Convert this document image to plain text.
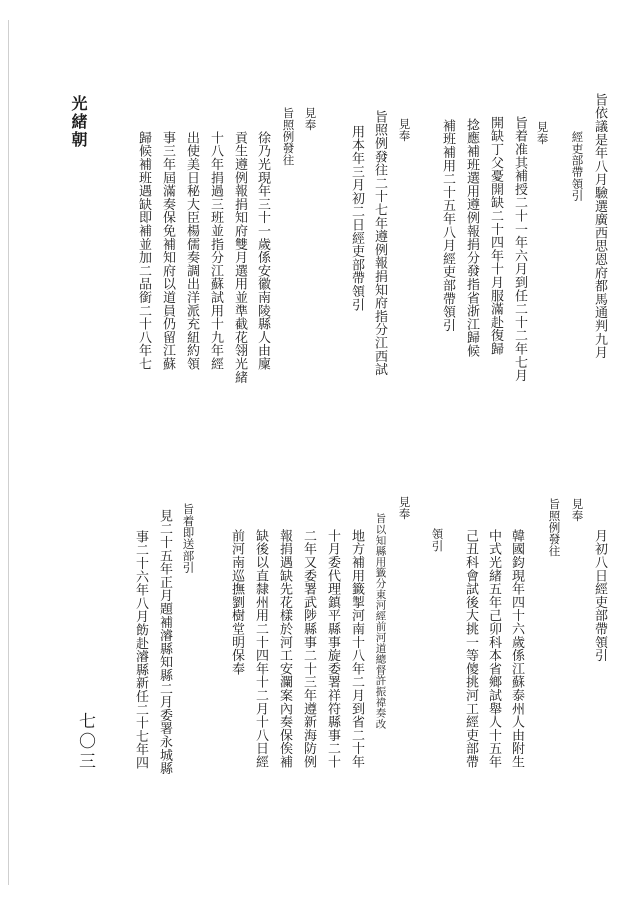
光緒朝
七〇三
旨依議是年八月驗選廣西思恩府都馬通判九月
經吏部帶領引
見奉
旨着准其補授二十一年六月到任二十二年七月
開缺丁父憂開缺二十四年十月服滿赴復歸
捻應補班選用遵例報捐分發指省浙江歸候
補班補用二十五年八月經吏部帶領引
見奉
旨照例發往二十七年遵例報捐知府指分江西試
用本年三月初二日經吏部帶領引
見奉
旨照例發往
徐乃光現年三十一歲係安徽南陵縣人由廩
貢生遵例報捐知府雙月選用並準截花翎光緒
十八年捐過三班並指分江蘇試用十九年經
出使美日秘大臣楊儒奏調出洋派充紐約領
事三年屆滿奏保免補知府以道員仍留江蘇
歸候補班遇缺即補並加二品銜二十八年七
月初八日經吏部帶領引
見奉
旨照例發往
韓國鈞現年四十六歲係江蘇泰州人由附生
中式光緒五年己卯科本省鄉試舉人十五年
己丑科會試後大挑一等傻挑河工經吏部帶
領引
見奉
旨以知縣用籤分東河經前河道總督許振禕奏改
地方補用籤掣河南十八年二月到省二十年
十月委代理鎮平縣事旋委署祥符縣事二十
二年又委署武陟縣事二十三年遵新海防例
報捐遇缺先花樣於河工安瀾案內奏保俟補
缺後以直隸州用二十四年十二月十八日經
前河南巡撫劉樹堂明保奉
旨着即送部引
見二十五年正月題補濬縣知縣二月委署永城縣
事二十六年八月飭赴濬縣新任二十七年四
